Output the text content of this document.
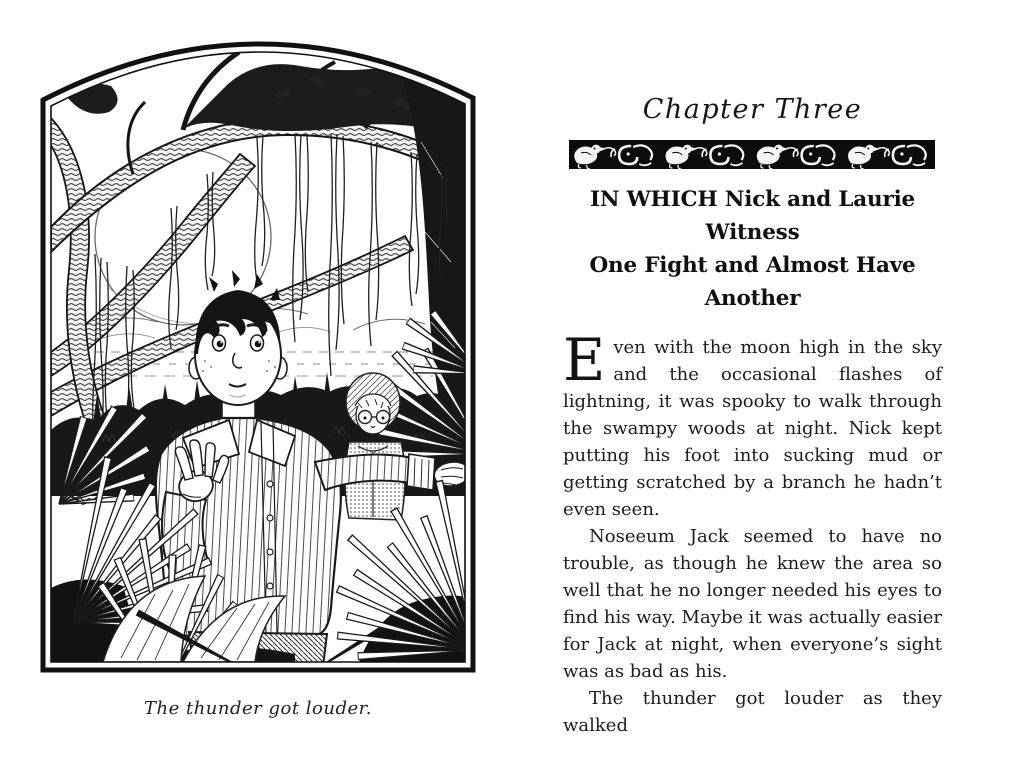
The thunder got louder.
Chapter Three
IN WHICH Nick and Laurie Witness
One Fight and Almost Have Another

Even with the moon high in the sky and the occasional flashes of lightning, it was spooky to walk through the swampy woods at night. Nick kept putting his foot into sucking mud or getting scratched by a branch he hadn’t even seen.

Noseeum Jack seemed to have no trouble, as though he knew the area so well that he no longer needed his eyes to find his way. Maybe it was actually easier for Jack at night, when everyone’s sight was as bad as his.

The thunder got louder as they walked
